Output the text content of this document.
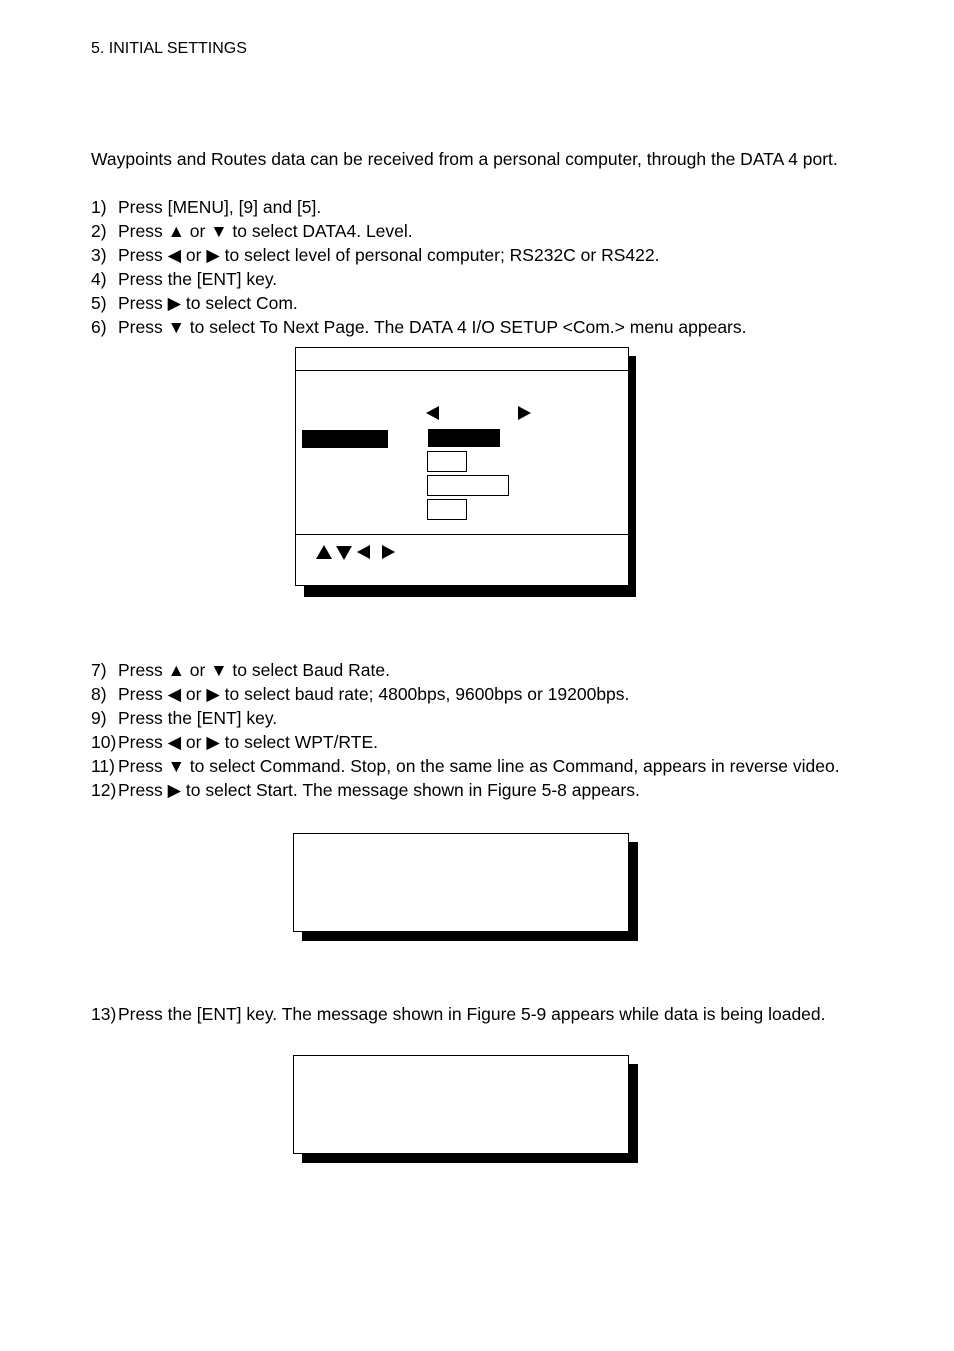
5. INITIAL SETTINGS
Waypoints and Routes data can be received from a personal computer, through the DATA 4 port.
1) Press [MENU], [9] and [5].
2) Press ▲ or ▼ to select DATA4. Level.
3) Press ◀ or ▶ to select level of personal computer; RS232C or RS422.
4) Press the [ENT] key.
5) Press ▶ to select Com.
6) Press ▼ to select To Next Page. The DATA 4 I/O SETUP <Com.> menu appears.
7) Press ▲ or ▼ to select Baud Rate.
8) Press ◀ or ▶ to select baud rate; 4800bps, 9600bps or 19200bps.
9) Press the [ENT] key.
10) Press ◀ or ▶ to select WPT/RTE.
11) Press ▼ to select Command. Stop, on the same line as Command, appears in reverse video.
12) Press ▶ to select Start. The message shown in Figure 5-8 appears.
13) Press the [ENT] key. The message shown in Figure 5-9 appears while data is being loaded.
